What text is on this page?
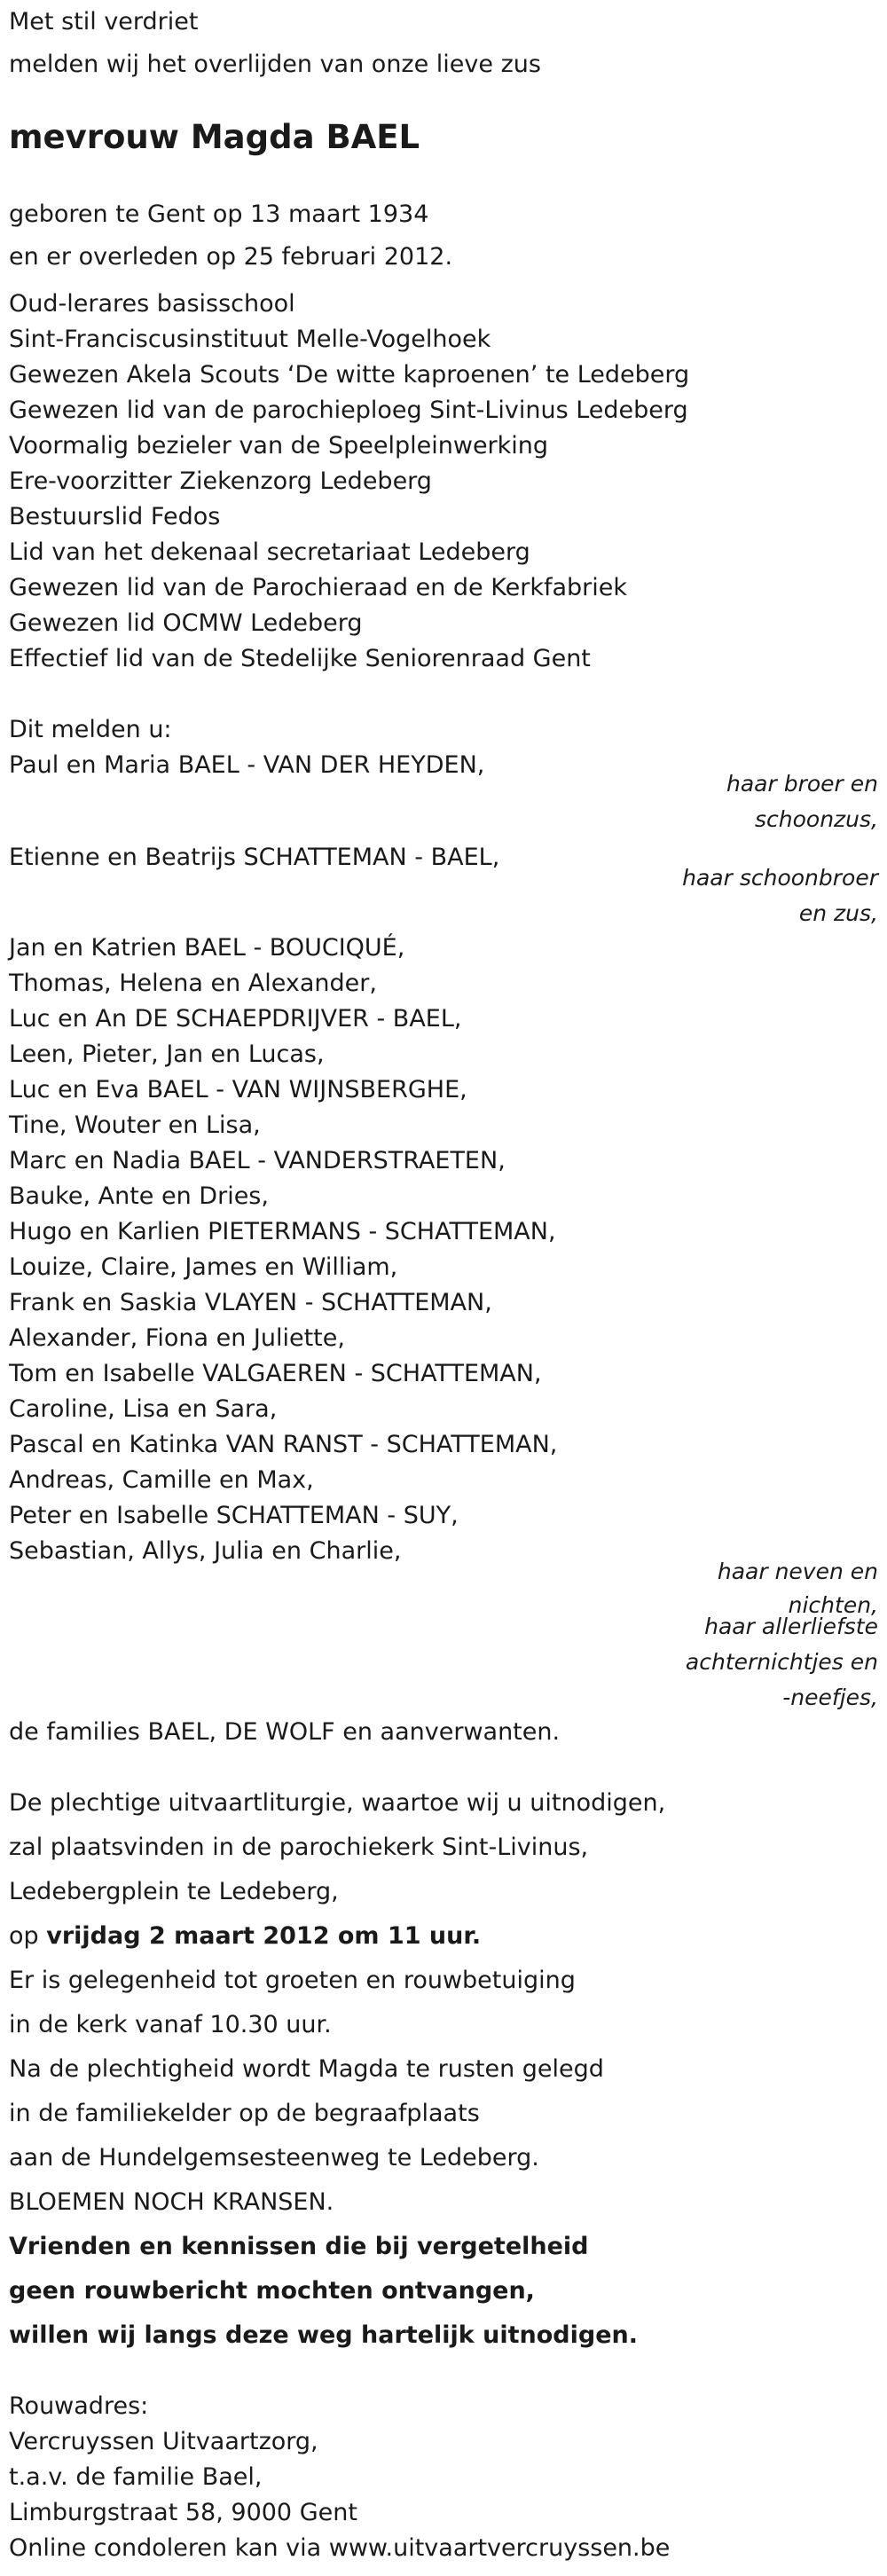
Met stil verdriet
melden wij het overlijden van onze lieve zus
mevrouw Magda BAEL
geboren te Gent op 13 maart 1934
en er overleden op 25 februari 2012.
Oud-lerares basisschool
Sint-Franciscusinstituut Melle-Vogelhoek
Gewezen Akela Scouts ‘De witte kaproenen’ te Ledeberg
Gewezen lid van de parochieploeg Sint-Livinus Ledeberg
Voormalig bezieler van de Speelpleinwerking
Ere-voorzitter Ziekenzorg Ledeberg
Bestuurslid Fedos
Lid van het dekenaal secretariaat Ledeberg
Gewezen lid van de Parochieraad en de Kerkfabriek
Gewezen lid OCMW Ledeberg
Effectief lid van de Stedelijke Seniorenraad Gent
Dit melden u:
Paul en Maria BAEL - VAN DER HEYDEN,
haar broer en
schoonzus,
Etienne en Beatrijs SCHATTEMAN - BAEL,
haar schoonbroer
en zus,
Jan en Katrien BAEL - BOUCIQUÉ,
Thomas, Helena en Alexander,
Luc en An DE SCHAEPDRIJVER - BAEL,
Leen, Pieter, Jan en Lucas,
Luc en Eva BAEL - VAN WIJNSBERGHE,
Tine, Wouter en Lisa,
Marc en Nadia BAEL - VANDERSTRAETEN,
Bauke, Ante en Dries,
Hugo en Karlien PIETERMANS - SCHATTEMAN,
Louize, Claire, James en William,
Frank en Saskia VLAYEN - SCHATTEMAN,
Alexander, Fiona en Juliette,
Tom en Isabelle VALGAEREN - SCHATTEMAN,
Caroline, Lisa en Sara,
Pascal en Katinka VAN RANST - SCHATTEMAN,
Andreas, Camille en Max,
Peter en Isabelle SCHATTEMAN - SUY,
Sebastian, Allys, Julia en Charlie,
haar neven en
nichten,
haar allerliefste
achternichtjes en
-neefjes,
de families BAEL, DE WOLF en aanverwanten.
De plechtige uitvaartliturgie, waartoe wij u uitnodigen,
zal plaatsvinden in de parochiekerk Sint-Livinus,
Ledebergplein te Ledeberg,
op vrijdag 2 maart 2012 om 11 uur.
Er is gelegenheid tot groeten en rouwbetuiging
in de kerk vanaf 10.30 uur.
Na de plechtigheid wordt Magda te rusten gelegd
in de familiekelder op de begraafplaats
aan de Hundelgemsesteenweg te Ledeberg.
BLOEMEN NOCH KRANSEN.
Vrienden en kennissen die bij vergetelheid
geen rouwbericht mochten ontvangen,
willen wij langs deze weg hartelijk uitnodigen.
Rouwadres:
Vercruyssen Uitvaartzorg,
t.a.v. de familie Bael,
Limburgstraat 58, 9000 Gent
Online condoleren kan via www.uitvaartvercruyssen.be
